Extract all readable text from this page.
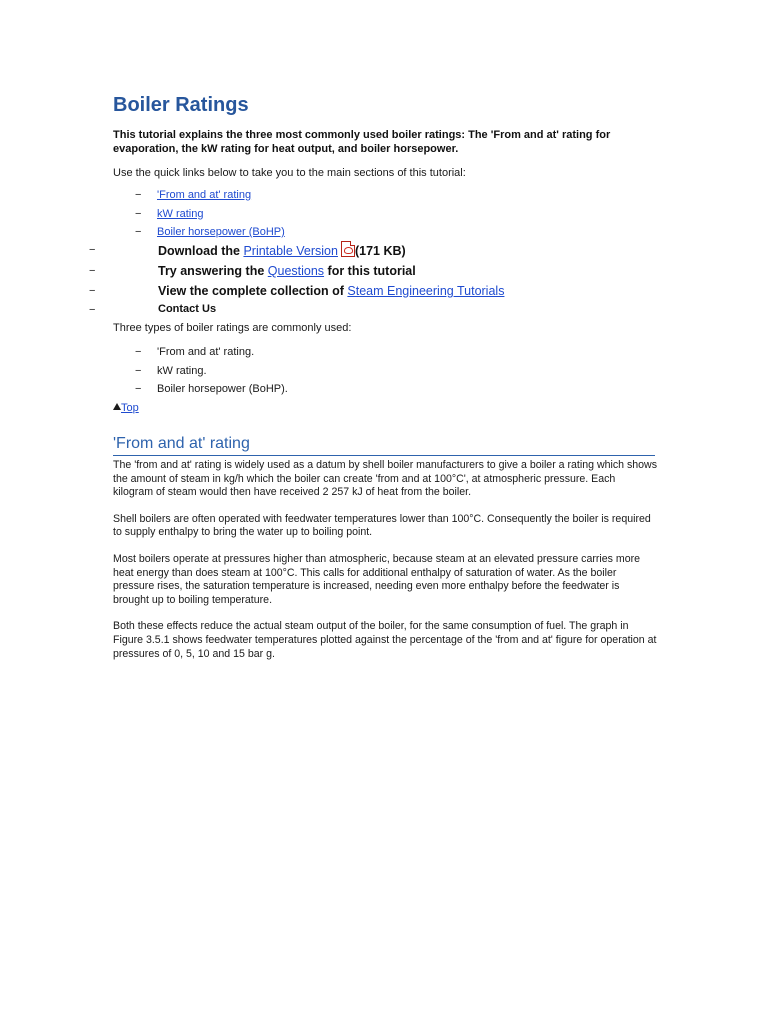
Boiler Ratings

This tutorial explains the three most commonly used boiler ratings: The 'From and at' rating for evaporation, the kW rating for heat output, and boiler horsepower.

Use the quick links below to take you to the main sections of this tutorial:

− 'From and at' rating
− kW rating
− Boiler horsepower (BoHP)
−	Download the Printable Version (171 KB)
−	Try answering the Questions for this tutorial
−	View the complete collection of Steam Engineering Tutorials
−	Contact Us

Three types of boiler ratings are commonly used:

− 'From and at' rating.
− kW rating.
− Boiler horsepower (BoHP).
Top
'From and at' rating

The 'from and at' rating is widely used as a datum by shell boiler manufacturers to give a boiler a rating which shows the amount of steam in kg/h which the boiler can create 'from and at 100°C', at atmospheric pressure. Each kilogram of steam would then have received 2 257 kJ of heat from the boiler.

Shell boilers are often operated with feedwater temperatures lower than 100°C. Consequently the boiler is required to supply enthalpy to bring the water up to boiling point.

Most boilers operate at pressures higher than atmospheric, because steam at an elevated pressure carries more heat energy than does steam at 100°C. This calls for additional enthalpy of saturation of water. As the boiler pressure rises, the saturation temperature is increased, needing even more enthalpy before the feedwater is brought up to boiling temperature.

Both these effects reduce the actual steam output of the boiler, for the same consumption of fuel. The graph in Figure 3.5.1 shows feedwater temperatures plotted against the percentage of the 'from and at' figure for operation at pressures of 0, 5, 10 and 15 bar g.
